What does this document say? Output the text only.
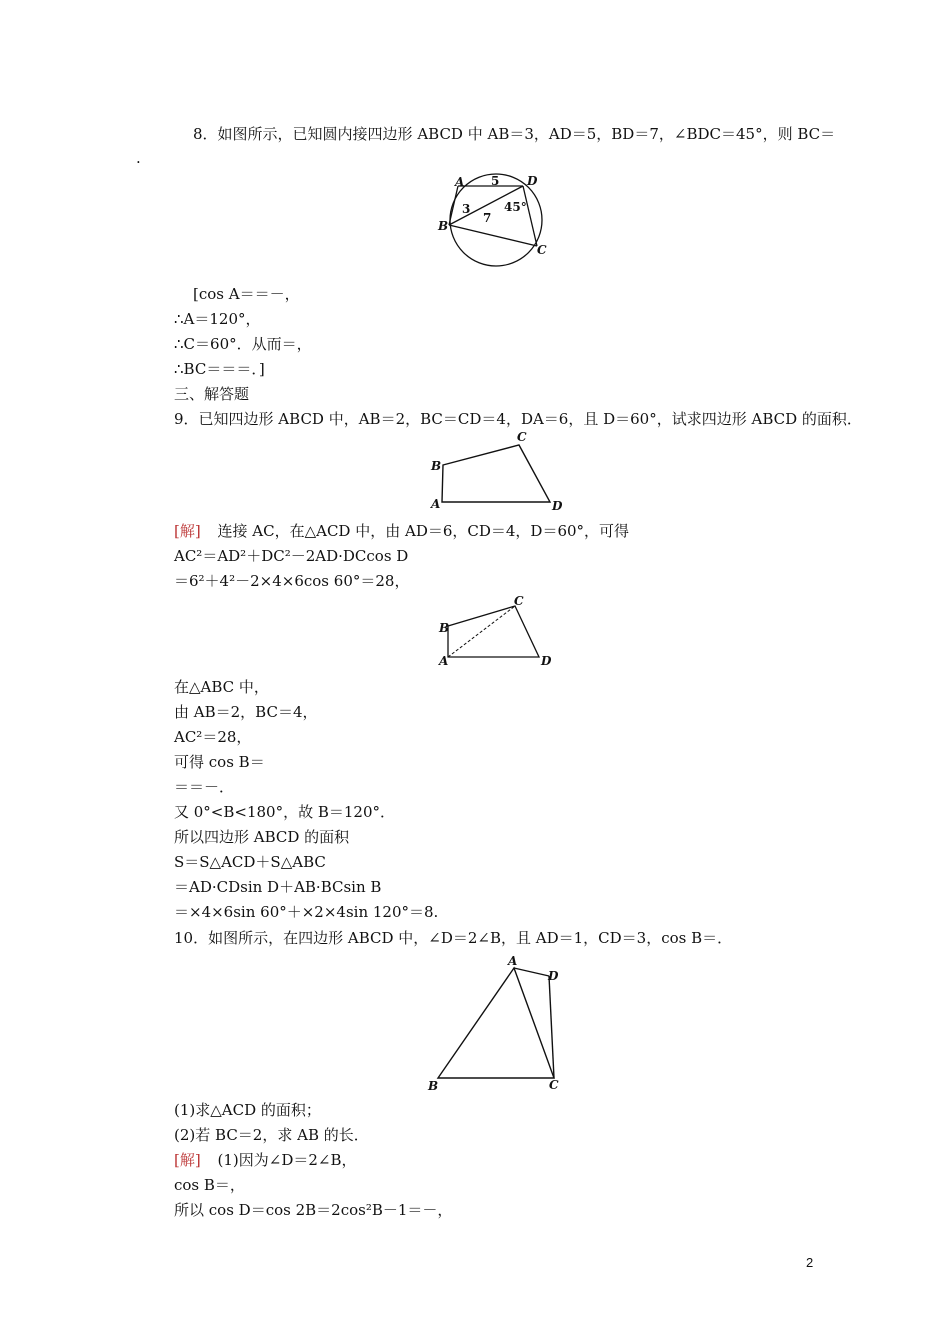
8．如图所示，已知圆内接四边形 ABCD 中 AB＝3，AD＝5，BD＝7，∠BDC＝45°，则 BC＝
.
A
B
C
D
3
5
7
45°
[cos A＝＝－，
∴A＝120°，
∴C＝60°．从而＝，
∴BC＝＝＝．]
三、解答题
9．已知四边形 ABCD 中，AB＝2，BC＝CD＝4，DA＝6，且 D＝60°，试求四边形 ABCD 的面积．
A
B
C
D
[解] 连接 AC，在△ACD 中，由 AD＝6，CD＝4，D＝60°，可得
AC²＝AD²＋DC²－2AD·DCcos D
＝6²＋4²－2×4×6cos 60°＝28，
A
B
C
D
在△ABC 中，
由 AB＝2，BC＝4，
AC²＝28，
可得 cos B＝
＝＝－．
又 0°<B<180°，故 B＝120°．
所以四边形 ABCD 的面积
S＝S△ACD＋S△ABC
＝AD·CDsin D＋AB·BCsin B
＝×4×6sin 60°＋×2×4sin 120°＝8.
10．如图所示，在四边形 ABCD 中，∠D＝2∠B，且 AD＝1，CD＝3，cos B＝．
A
B	C
D
(1)求△ACD 的面积；
(2)若 BC＝2，求 AB 的长．
[解] (1)因为∠D＝2∠B，
cos B＝，
所以 cos D＝cos 2B＝2cos²B－1＝－，
2
